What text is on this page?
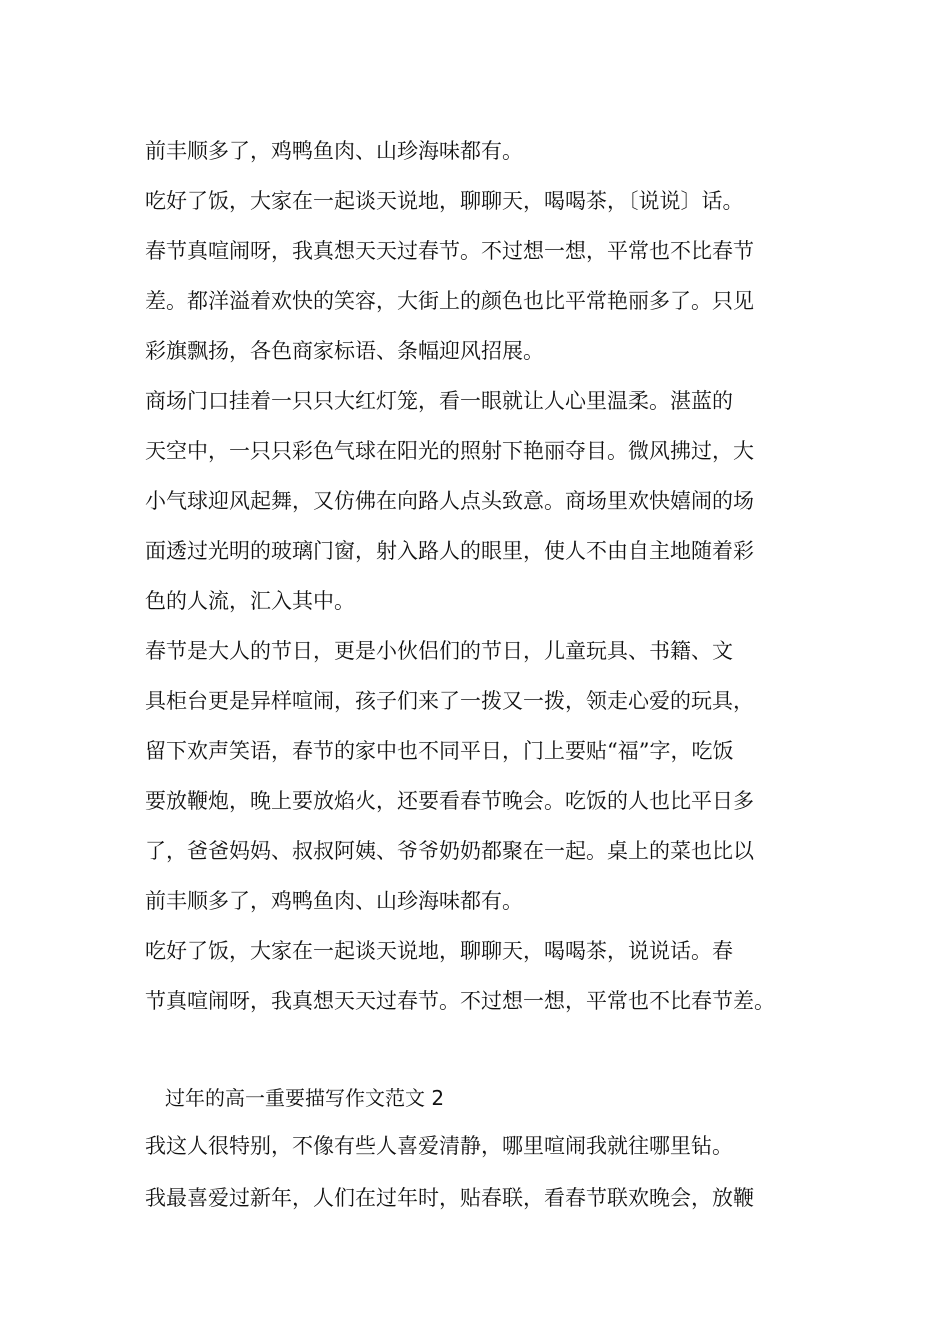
前丰顺多了，鸡鸭鱼肉、山珍海味都有。

吃好了饭，大家在一起谈天说地，聊聊天，喝喝茶，〔说说〕话。

春节真喧闹呀，我真想天天过春节。不过想一想，平常也不比春节

差。都洋溢着欢快的笑容，大街上的颜色也比平常艳丽多了。只见

彩旗飘扬，各色商家标语、条幅迎风招展。

商场门口挂着一只只大红灯笼，看一眼就让人心里温柔。湛蓝的

天空中，一只只彩色气球在阳光的照射下艳丽夺目。微风拂过，大

小气球迎风起舞，又仿佛在向路人点头致意。商场里欢快嬉闹的场

面透过光明的玻璃门窗，射入路人的眼里，使人不由自主地随着彩

色的人流，汇入其中。

春节是大人的节日，更是小伙侣们的节日，儿童玩具、书籍、文

具柜台更是异样喧闹，孩子们来了一拨又一拨，领走心爱的玩具，

留下欢声笑语，春节的家中也不同平日，门上要贴“福”字，吃饭

要放鞭炮，晚上要放焰火，还要看春节晚会。吃饭的人也比平日多

了，爸爸妈妈、叔叔阿姨、爷爷奶奶都聚在一起。桌上的菜也比以

前丰顺多了，鸡鸭鱼肉、山珍海味都有。

吃好了饭，大家在一起谈天说地，聊聊天，喝喝茶，说说话。春

节真喧闹呀，我真想天天过春节。不过想一想，平常也不比春节差。

过年的高一重要描写作文范文 2

我这人很特别，不像有些人喜爱清静，哪里喧闹我就往哪里钻。

我最喜爱过新年，人们在过年时，贴春联，看春节联欢晚会，放鞭
